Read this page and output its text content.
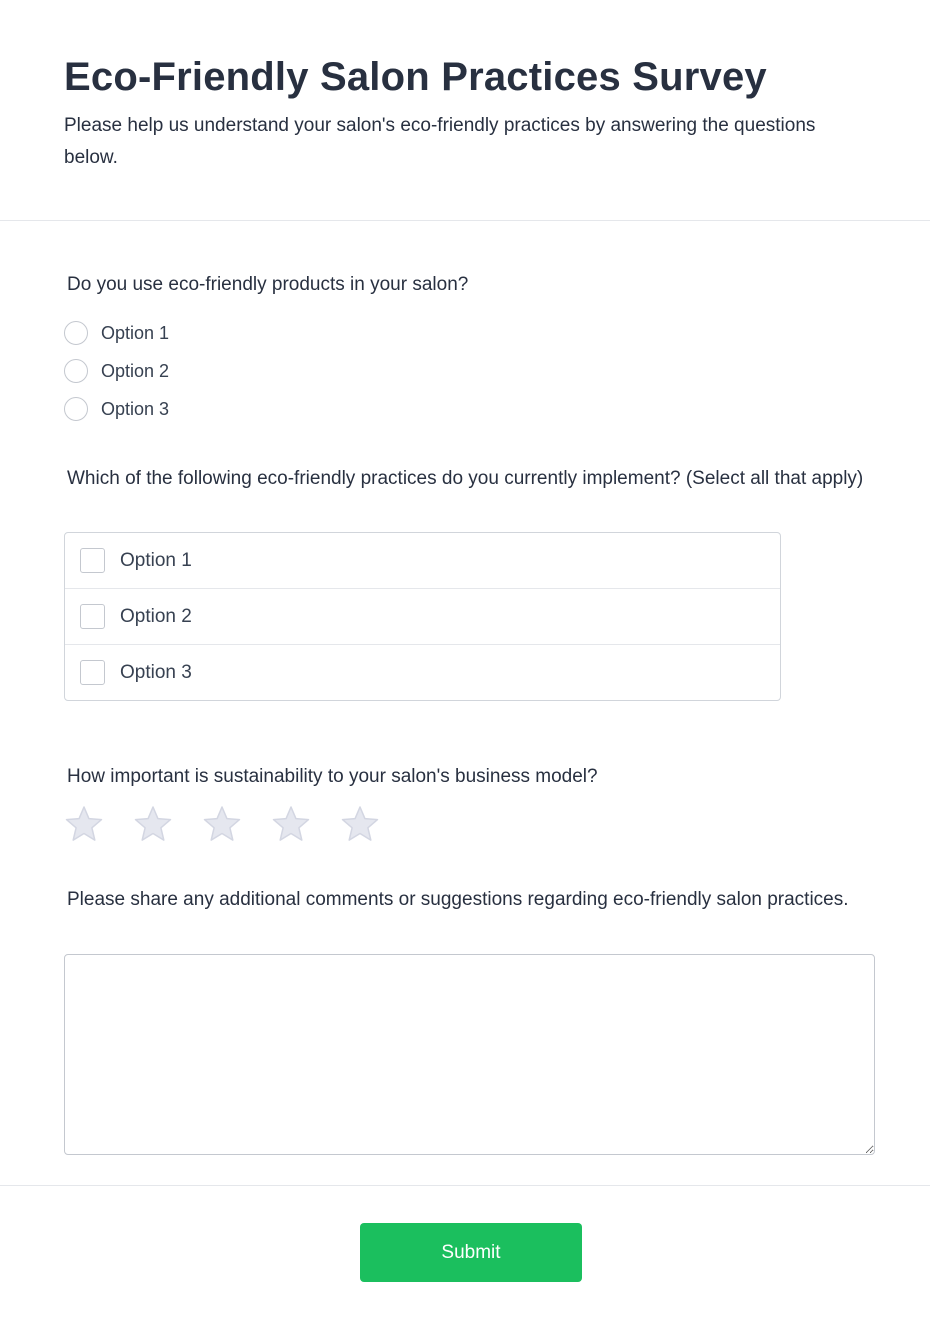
Eco-Friendly Salon Practices Survey

Please help us understand your salon's eco-friendly practices by answering the questions below.

Do you use eco-friendly products in your salon?
Option 1
Option 2
Option 3
Which of the following eco-friendly practices do you currently implement? (Select all that apply)
Option 1
Option 2
Option 3
How important is sustainability to your salon's business model?
Please share any additional comments or suggestions regarding eco-friendly salon practices.
Submit
